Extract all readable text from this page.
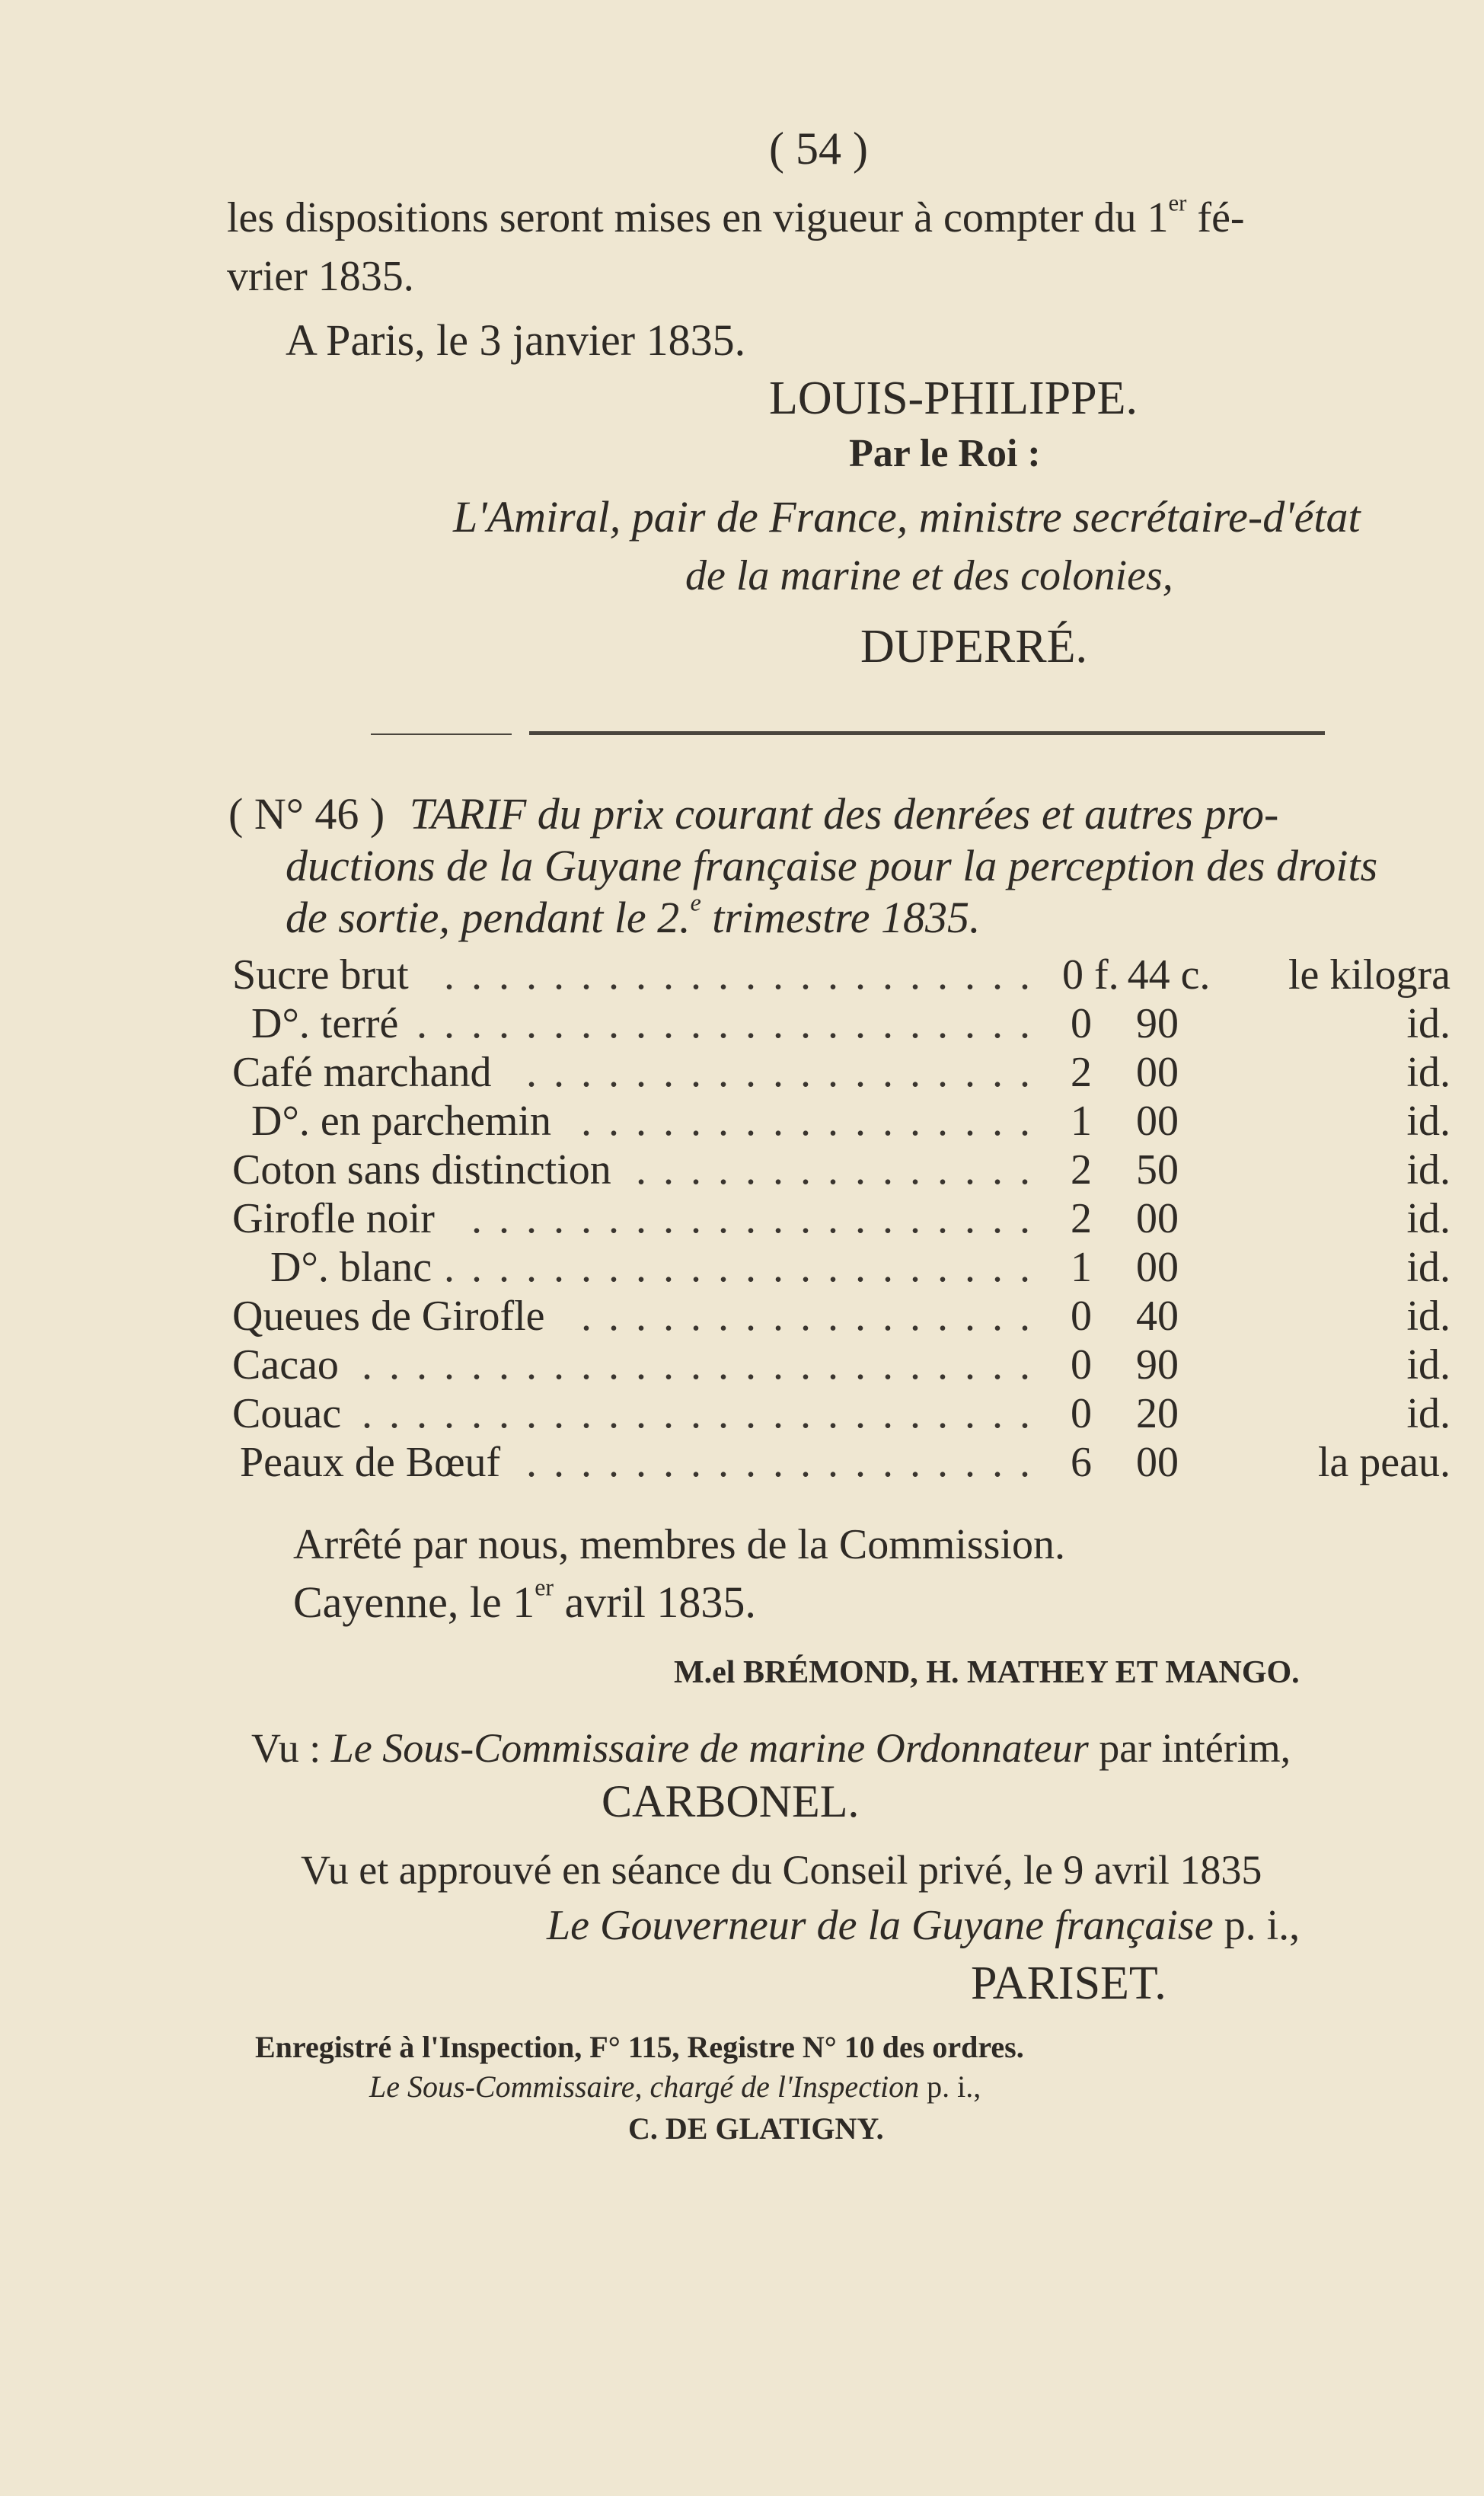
( 54 )
les dispositions seront mises en vigueur à compter du 1er fé-
vrier 1835.
A Paris, le 3 janvier 1835.
LOUIS-PHILIPPE.
Par le Roi :
L'Amiral, pair de France, ministre secrétaire-d'état
de la marine et des colonies,
DUPERRÉ.
( N° 46 ) TARIF du prix courant des denrées et autres pro-
ductions de la Guyane française pour la perception des droits
de sortie, pendant le 2.$^e$ trimestre 1835.
Sucre brut ...................... 0 f. 44 c.	le kilogra
D°. terré ....................... 0	90	id.
Café marchand ................... 2	00	id.
D°. en parchemin ................. 1	00	id.
Coton sans distinction ............... 2	50	id.
Girofle noir ..................... 2	00	id.
D°. blanc ...................... 1	00	id.
Queues de Girofle ................. 0	40	id.
Cacao ......................... 0	90	id.
Couac ......................... 0	20	id.
Peaux de Bœuf ................... 6	00	la peau.
Arrêté par nous, membres de la Commission.
Cayenne, le 1er avril 1835.
M.el BRÉMOND, H. MATHEY ET MANGO.
Vu : Le Sous-Commissaire de marine Ordonnateur par intérim,
CARBONEL.
Vu et approuvé en séance du Conseil privé, le 9 avril 1835
Le Gouverneur de la Guyane française p. i.,
PARISET.
Enregistré à l'Inspection, F° 115, Registre N° 10 des ordres.
Le Sous-Commissaire, chargé de l'Inspection p. i.,
C. DE GLATIGNY.
